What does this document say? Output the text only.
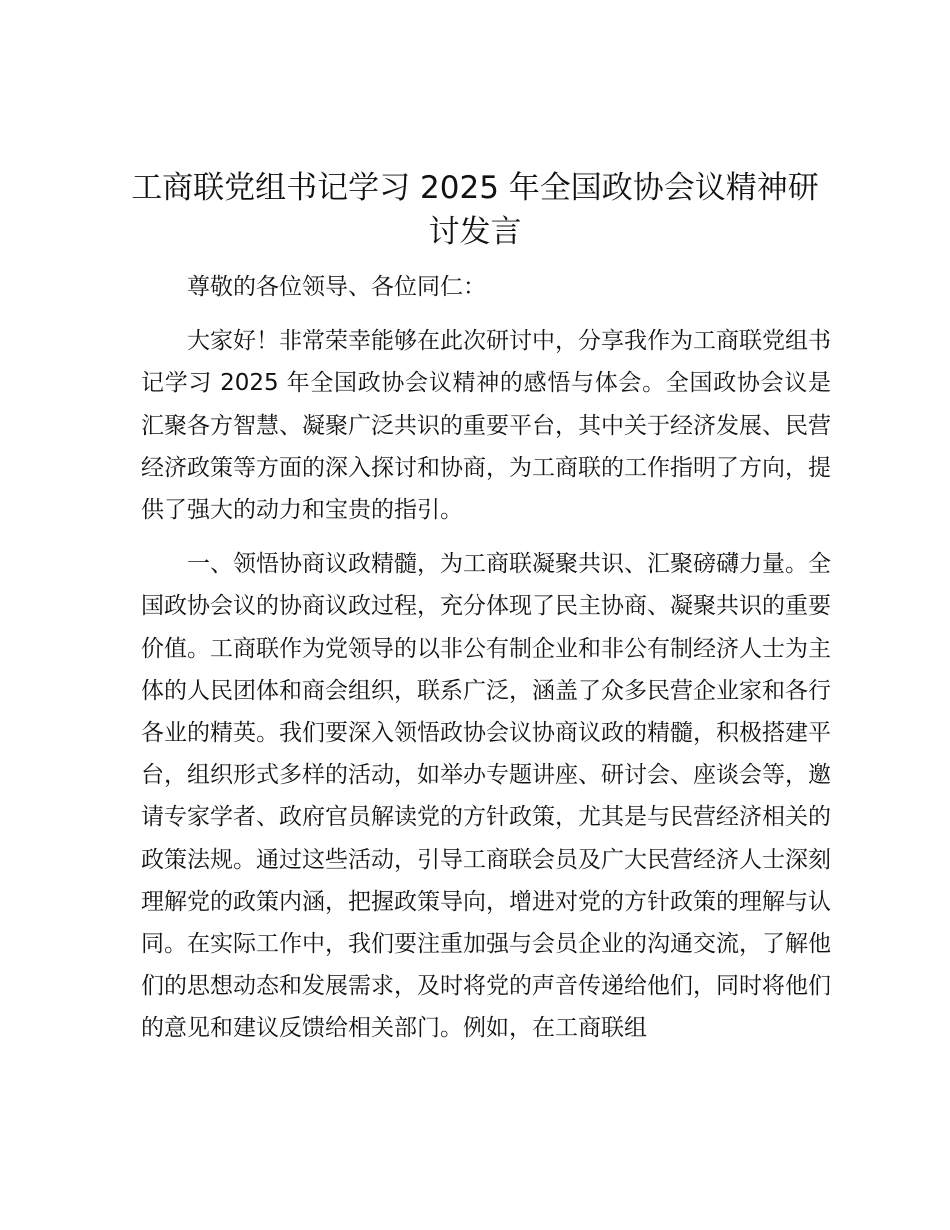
工商联党组书记学习 2025 年全国政协会议精神研讨发言

尊敬的各位领导、各位同仁：

大家好！非常荣幸能够在此次研讨中，分享我作为工商联党组书记学习 2025 年全国政协会议精神的感悟与体会。全国政协会议是汇聚各方智慧、凝聚广泛共识的重要平台，其中关于经济发展、民营经济政策等方面的深入探讨和协商，为工商联的工作指明了方向，提供了强大的动力和宝贵的指引。

一、领悟协商议政精髓，为工商联凝聚共识、汇聚磅礴力量。全国政协会议的协商议政过程，充分体现了民主协商、凝聚共识的重要价值。工商联作为党领导的以非公有制企业和非公有制经济人士为主体的人民团体和商会组织，联系广泛，涵盖了众多民营企业家和各行各业的精英。我们要深入领悟政协会议协商议政的精髓，积极搭建平台，组织形式多样的活动，如举办专题讲座、研讨会、座谈会等，邀请专家学者、政府官员解读党的方针政策，尤其是与民营经济相关的政策法规。通过这些活动，引导工商联会员及广大民营经济人士深刻理解党的政策内涵，把握政策导向，增进对党的方针政策的理解与认同。在实际工作中，我们要注重加强与会员企业的沟通交流，了解他们的思想动态和发展需求，及时将党的声音传递给他们，同时将他们的意见和建议反馈给相关部门。例如，在工商联组
